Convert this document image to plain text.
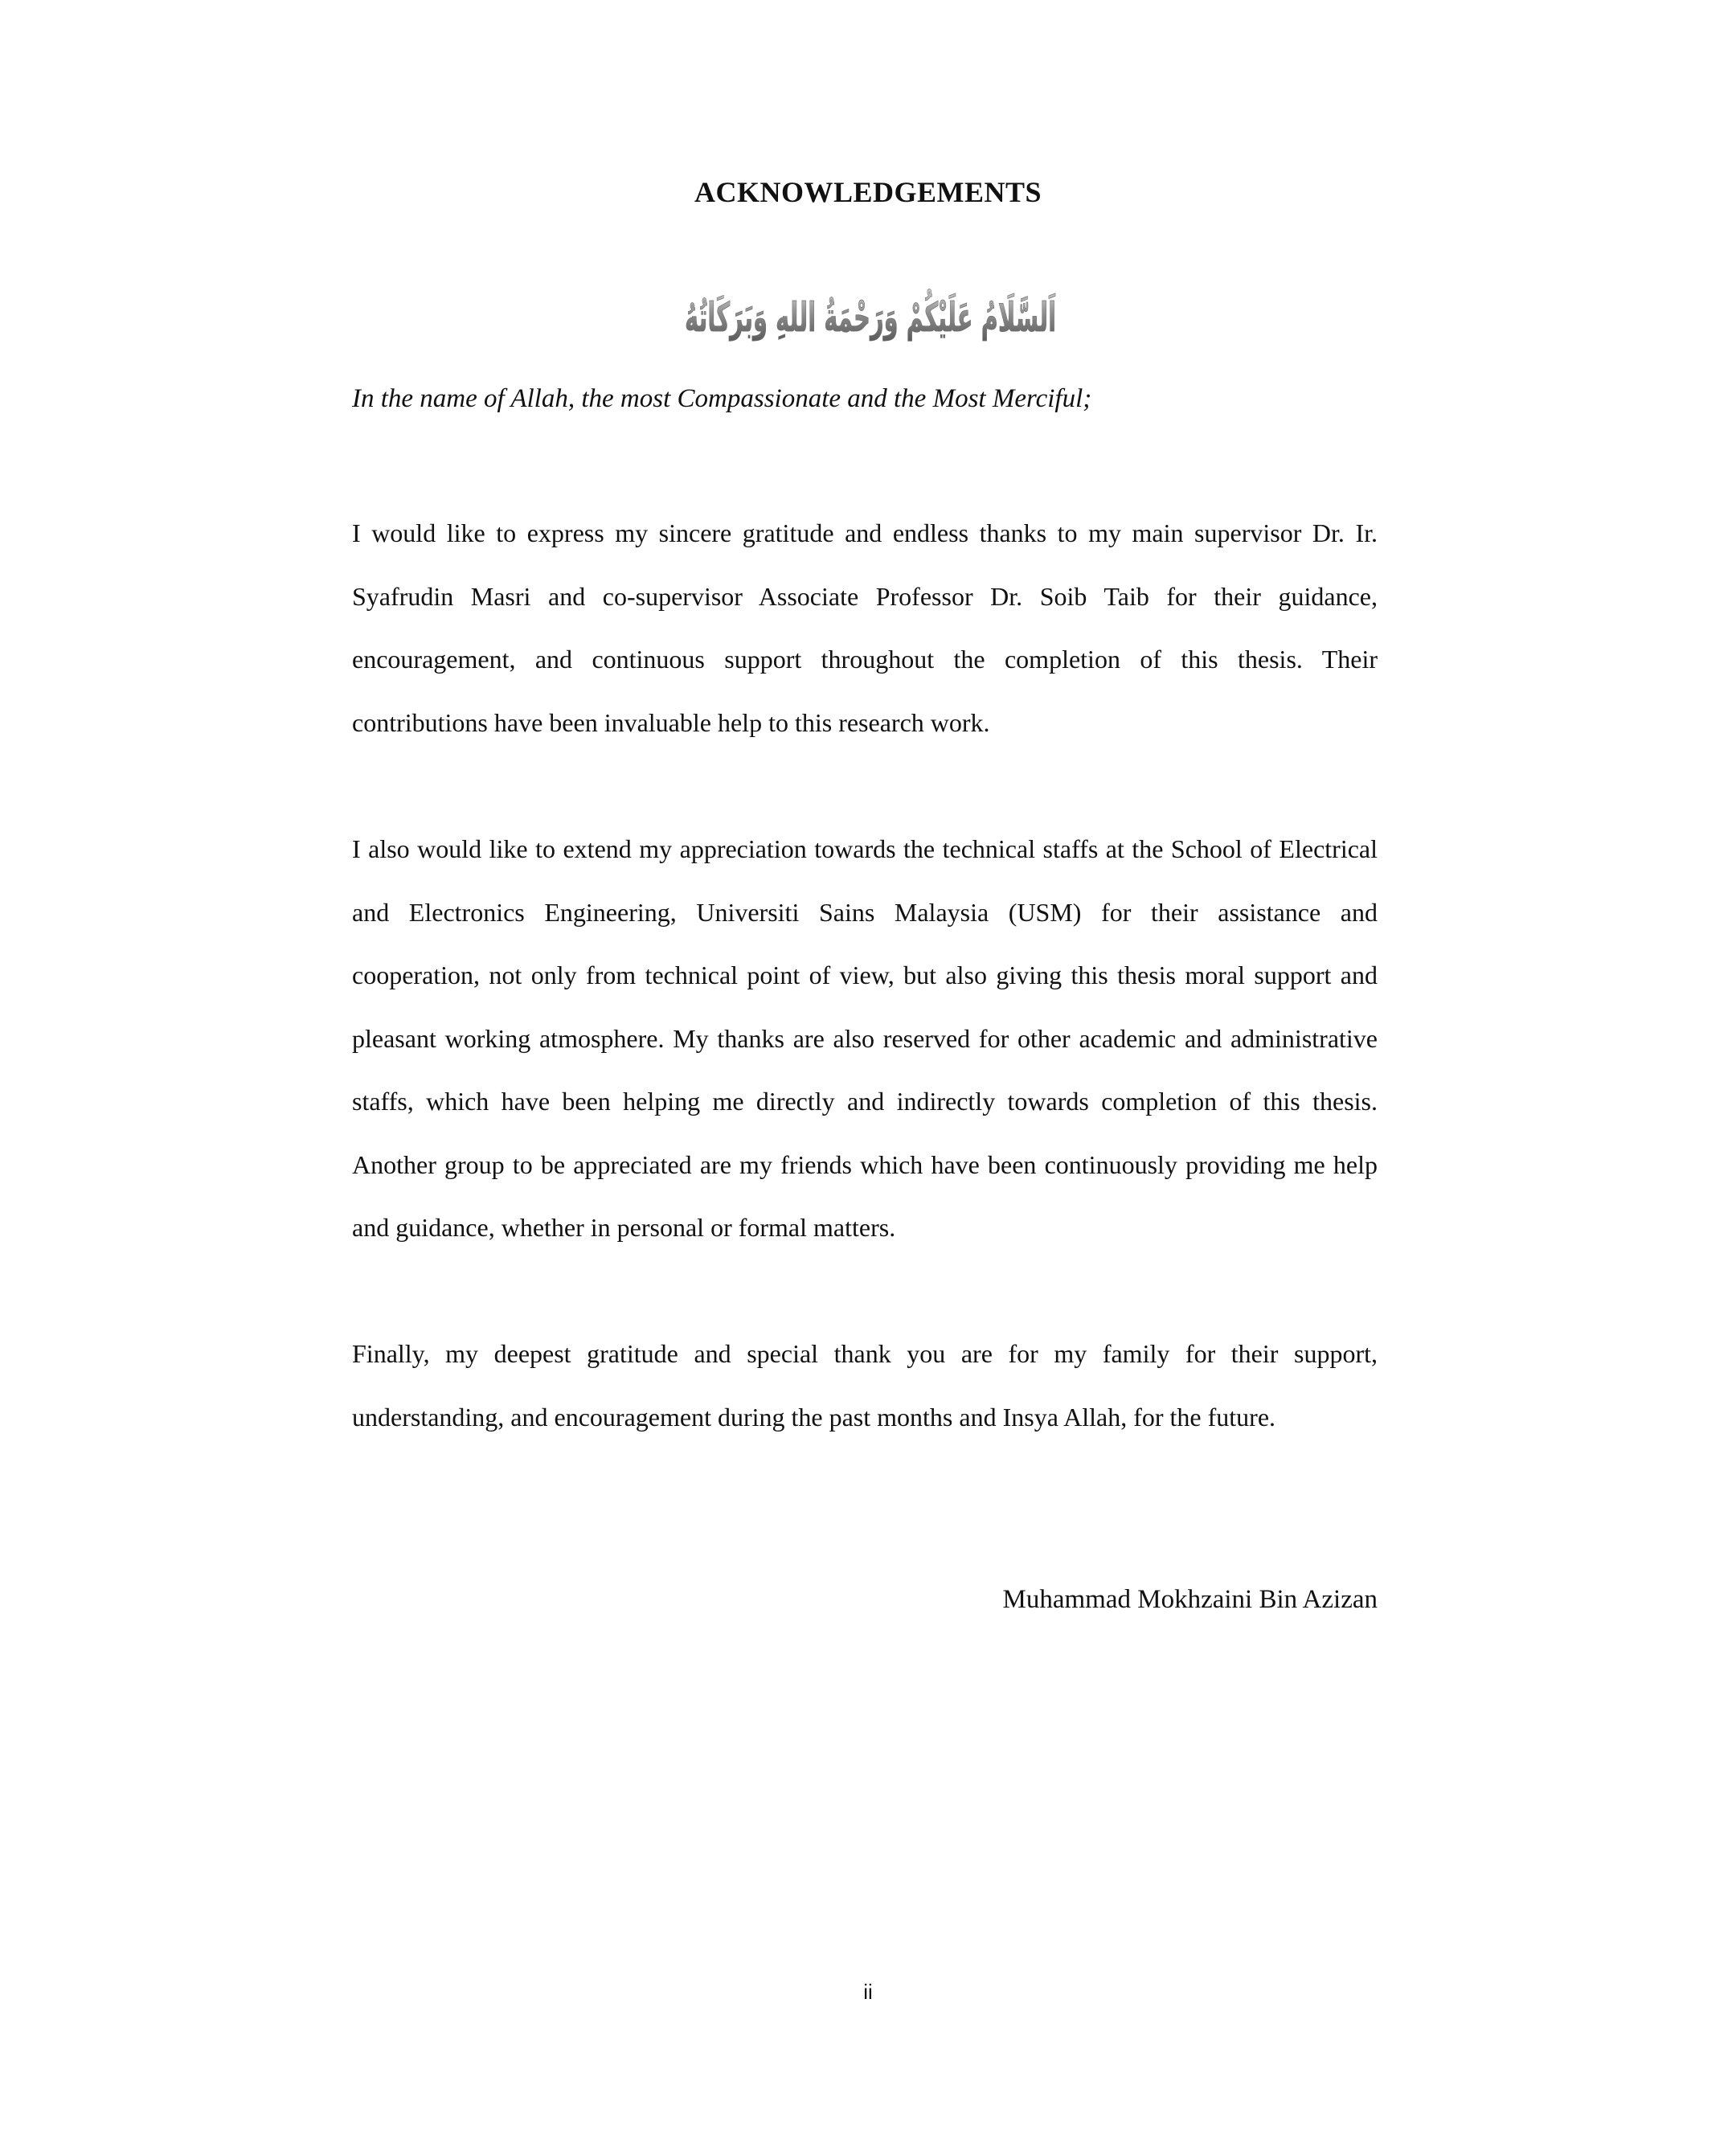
ACKNOWLEDGEMENTS
اَلسَّلَامُ عَلَيْكُمْ وَرَحْمَةُ اللهِ وَبَرَكَاتُهُ

In the name of Allah, the most Compassionate and the Most Merciful;

I would like to express my sincere gratitude and endless thanks to my main supervisor Dr. Ir. Syafrudin Masri and co-supervisor Associate Professor Dr. Soib Taib for their guidance, encouragement, and continuous support throughout the completion of this thesis. Their contributions have been invaluable help to this research work.

I also would like to extend my appreciation towards the technical staffs at the School of Electrical and Electronics Engineering, Universiti Sains Malaysia (USM) for their assistance and cooperation, not only from technical point of view, but also giving this thesis moral support and pleasant working atmosphere. My thanks are also reserved for other academic and administrative staffs, which have been helping me directly and indirectly towards completion of this thesis. Another group to be appreciated are my friends which have been continuously providing me help and guidance, whether in personal or formal matters.

Finally, my deepest gratitude and special thank you are for my family for their support, understanding, and encouragement during the past months and Insya Allah, for the future.

Muhammad Mokhzaini Bin Azizan

ii
